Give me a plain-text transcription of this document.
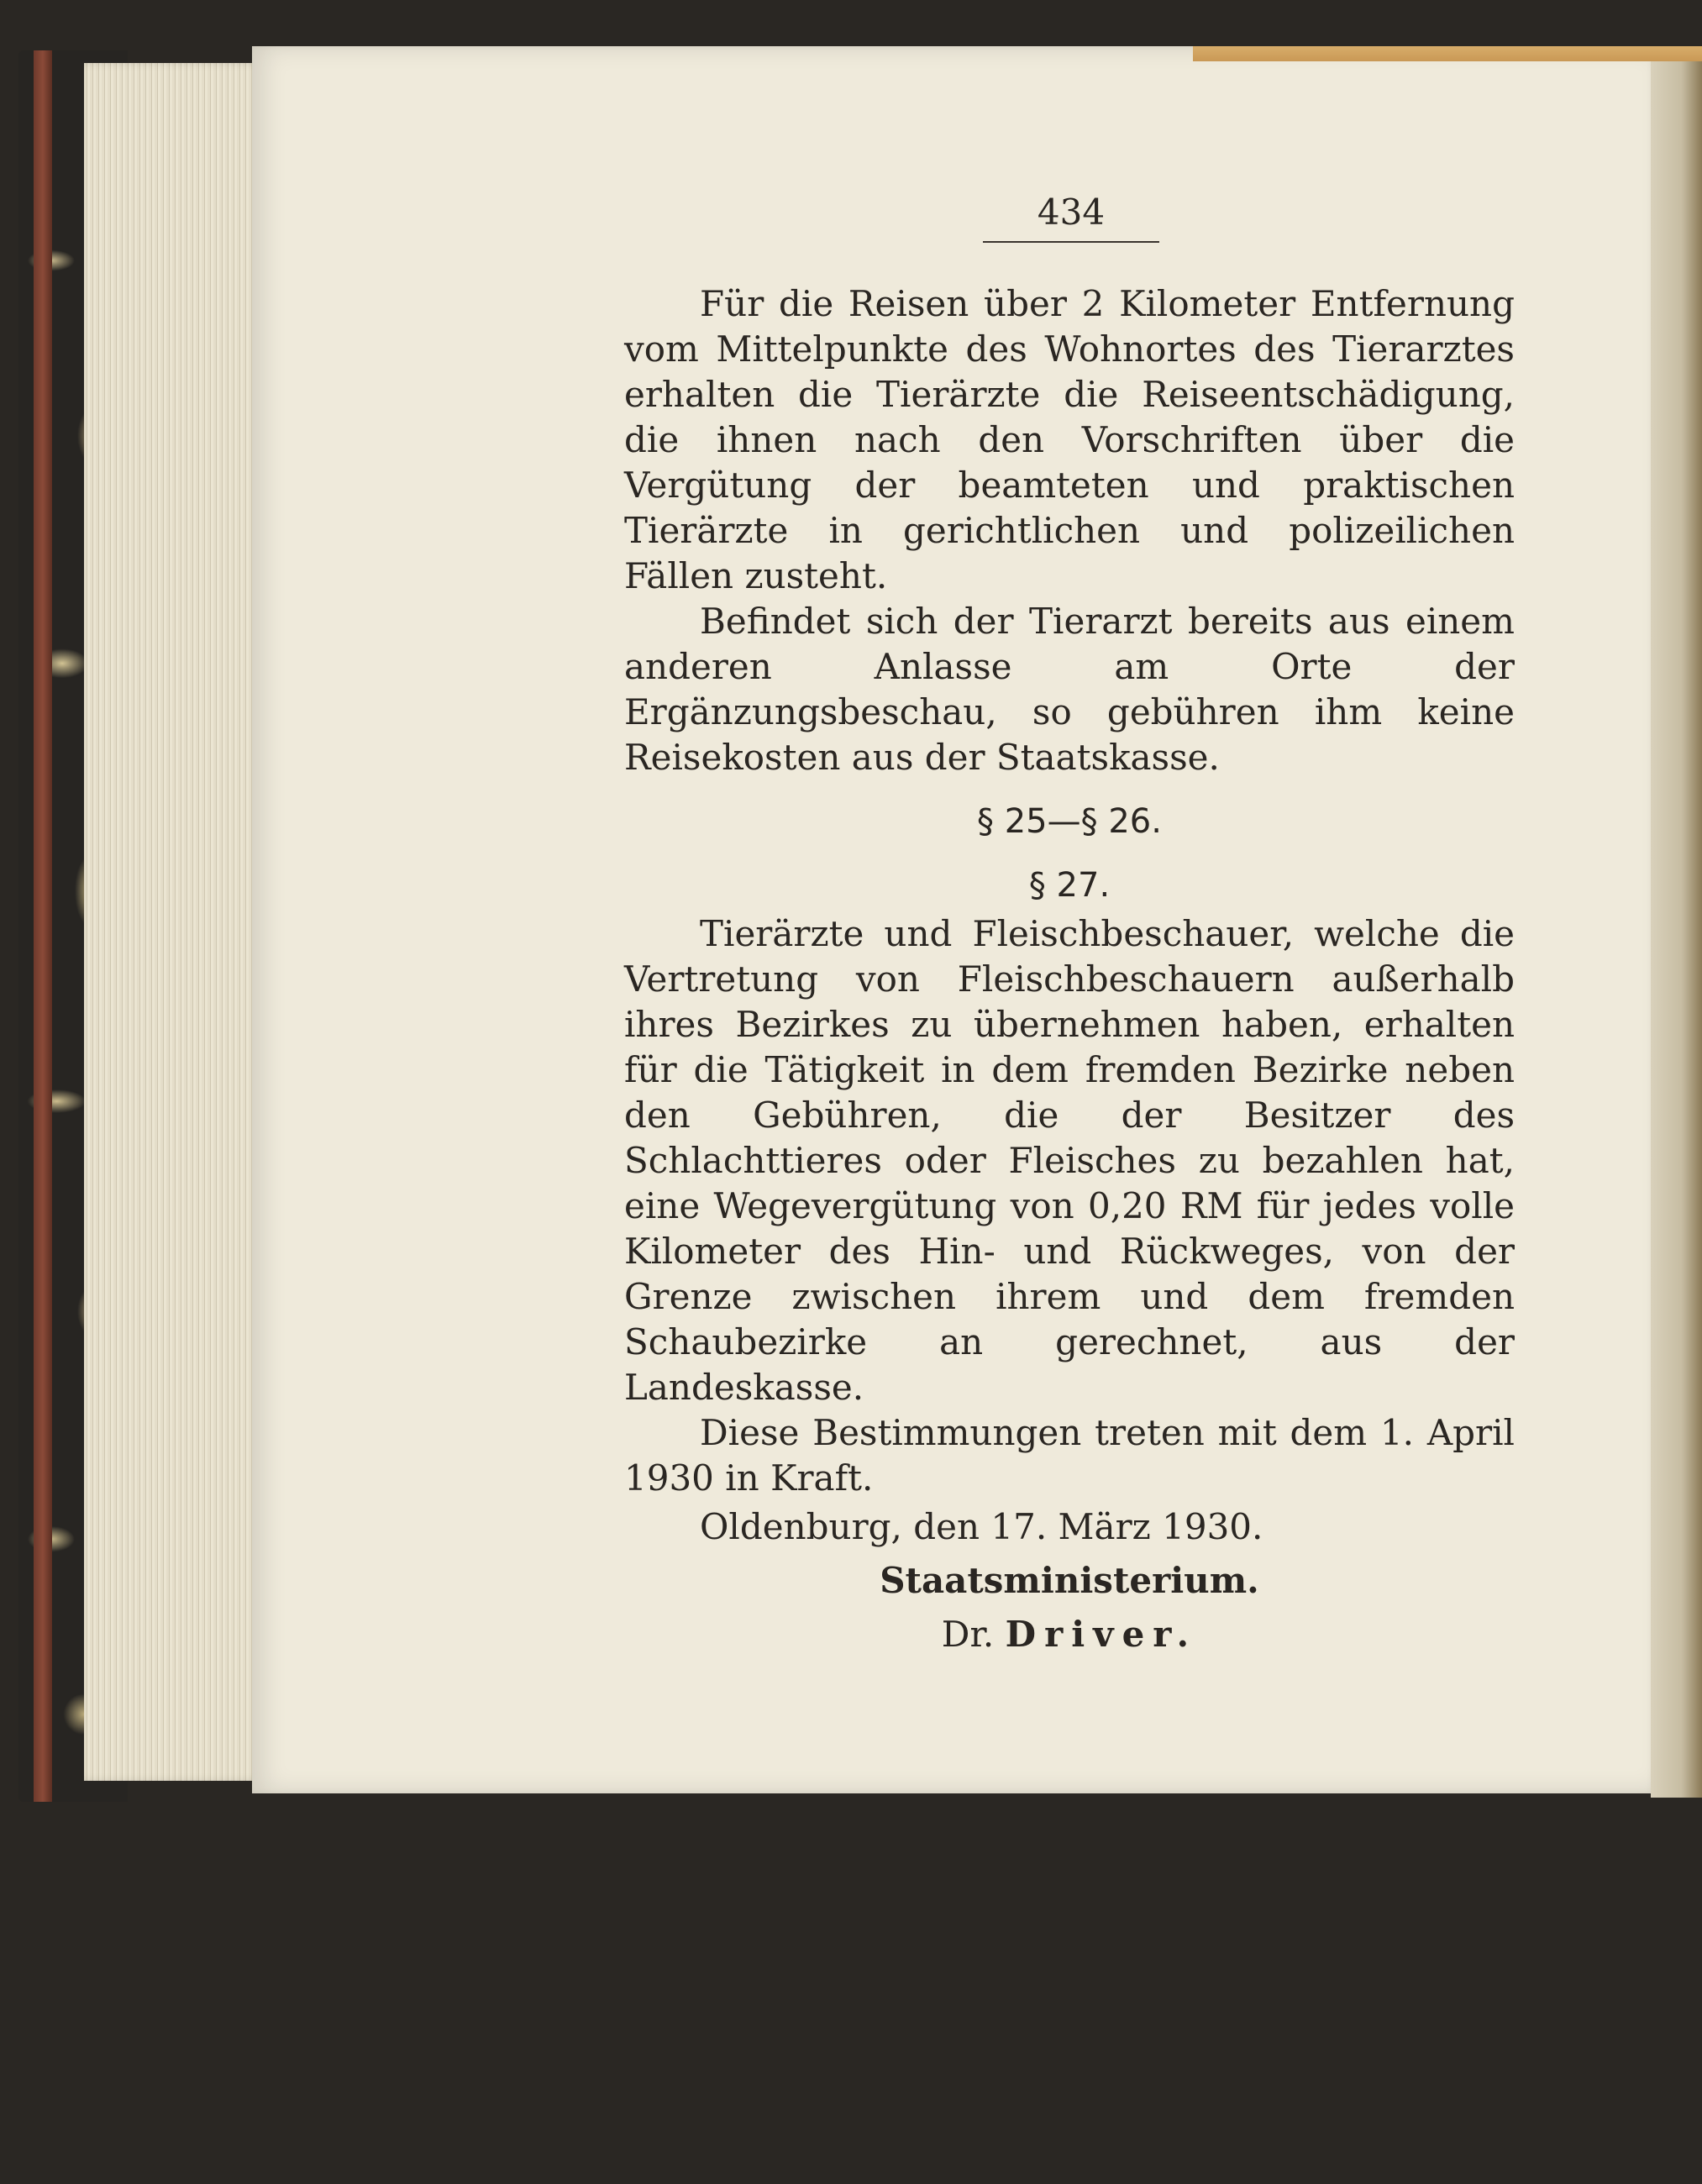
434

Für die Reisen über 2 Kilometer Entfernung vom Mittelpunkte des Wohnortes des Tierarztes erhalten die Tierärzte die Reiseentschädigung, die ihnen nach den Vorschriften über die Vergütung der beamteten und praktischen Tierärzte in gerichtlichen und polizeilichen Fällen zusteht.

Befindet sich der Tierarzt bereits aus einem anderen Anlasse am Orte der Ergänzungsbeschau, so gebühren ihm keine Reisekosten aus der Staatskasse.

§ 25—§ 26.

§ 27.

Tierärzte und Fleischbeschauer, welche die Vertretung von Fleischbeschauern außerhalb ihres Bezirkes zu übernehmen haben, erhalten für die Tätigkeit in dem fremden Bezirke neben den Gebühren, die der Besitzer des Schlachttieres oder Fleisches zu bezahlen hat, eine Wegevergütung von 0,20 RM für jedes volle Kilometer des Hin- und Rückweges, von der Grenze zwischen ihrem und dem fremden Schaubezirke an gerechnet, aus der Landeskasse.

Diese Bestimmungen treten mit dem 1. April 1930 in Kraft.

Oldenburg, den 17. März 1930.

Staatsministerium.
Dr. Driver.
